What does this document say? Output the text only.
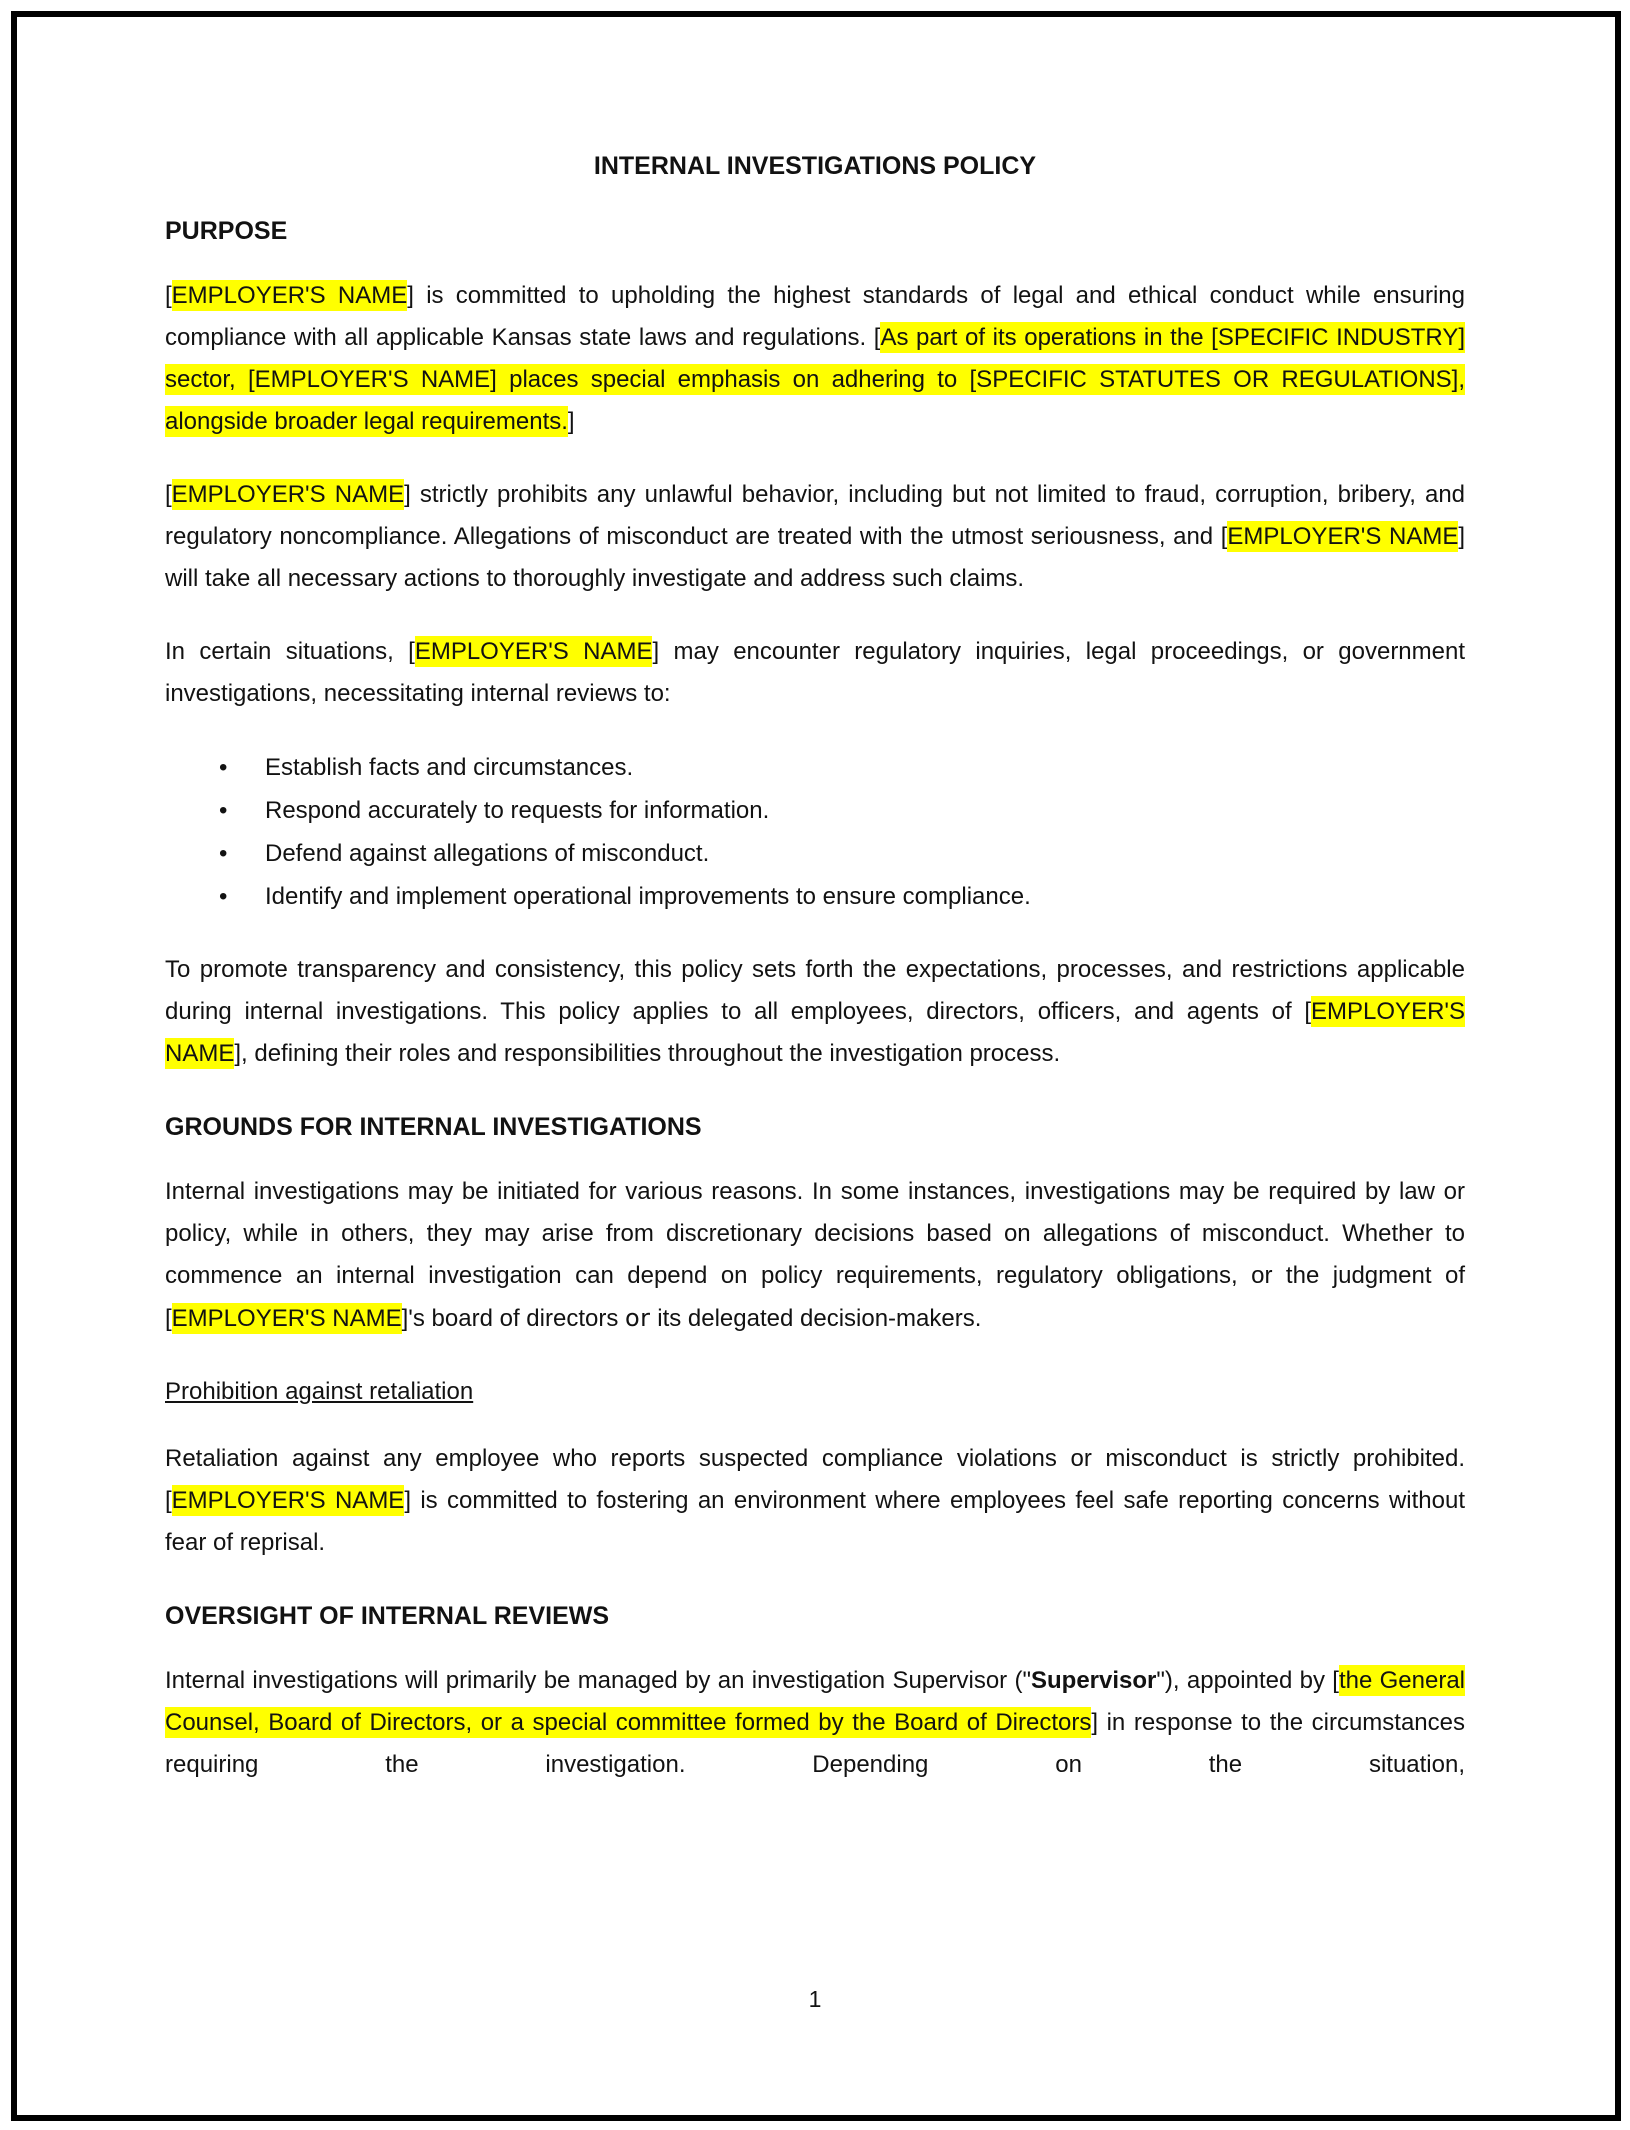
INTERNAL INVESTIGATIONS POLICY
PURPOSE

[EMPLOYER'S NAME] is committed to upholding the highest standards of legal and ethical conduct while ensuring compliance with all applicable Kansas state laws and regulations. [As part of its operations in the [SPECIFIC INDUSTRY] sector, [EMPLOYER'S NAME] places special emphasis on adhering to [SPECIFIC STATUTES OR REGULATIONS], alongside broader legal requirements.]

[EMPLOYER'S NAME] strictly prohibits any unlawful behavior, including but not limited to fraud, corruption, bribery, and regulatory noncompliance. Allegations of misconduct are treated with the utmost seriousness, and [EMPLOYER'S NAME] will take all necessary actions to thoroughly investigate and address such claims.

In certain situations, [EMPLOYER'S NAME] may encounter regulatory inquiries, legal proceedings, or government investigations, necessitating internal reviews to:

• Establish facts and circumstances.
• Respond accurately to requests for information.
• Defend against allegations of misconduct.
• Identify and implement operational improvements to ensure compliance.

To promote transparency and consistency, this policy sets forth the expectations, processes, and restrictions applicable during internal investigations. This policy applies to all employees, directors, officers, and agents of [EMPLOYER'S NAME], defining their roles and responsibilities throughout the investigation process.

GROUNDS FOR INTERNAL INVESTIGATIONS

Internal investigations may be initiated for various reasons. In some instances, investigations may be required by law or policy, while in others, they may arise from discretionary decisions based on allegations of misconduct. Whether to commence an internal investigation can depend on policy requirements, regulatory obligations, or the judgment of [EMPLOYER'S NAME]'s board of directors or its delegated decision-makers.

Prohibition against retaliation

Retaliation against any employee who reports suspected compliance violations or misconduct is strictly prohibited. [EMPLOYER'S NAME] is committed to fostering an environment where employees feel safe reporting concerns without fear of reprisal.

OVERSIGHT OF INTERNAL REVIEWS

Internal investigations will primarily be managed by an investigation Supervisor ("Supervisor"), appointed by [the General Counsel, Board of Directors, or a special committee formed by the Board of Directors] in response to the circumstances requiring the investigation. Depending on the situation,

1
